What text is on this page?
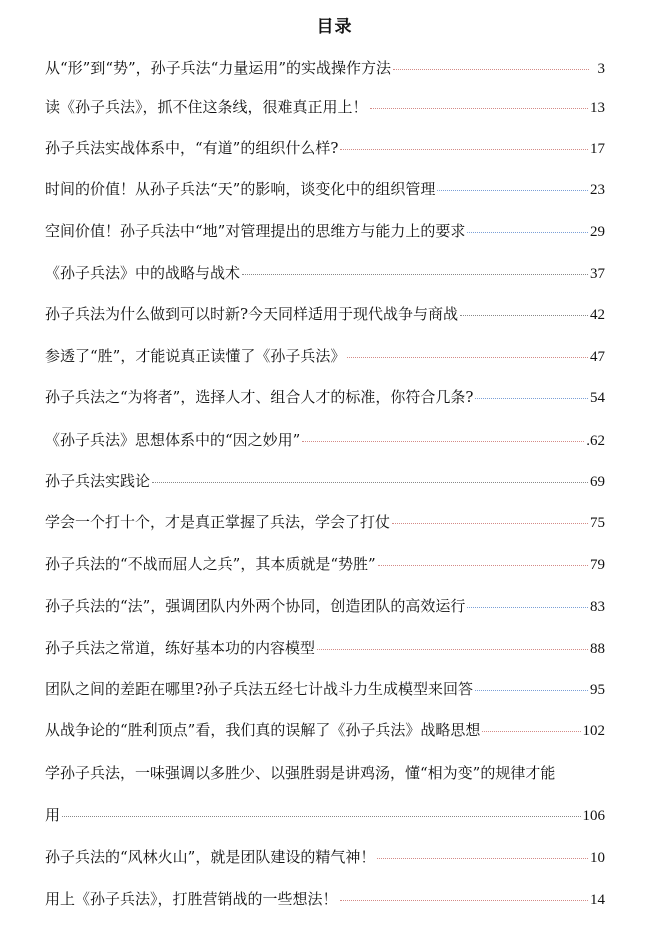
目录
从“形”到“势”，孙子兵法“力量运用”的实战操作方法	3
读《孙子兵法》，抓不住这条线，很难真正用上！	13
孙子兵法实战体系中，“有道”的组织什么样?	17
时间的价值！从孙子兵法“天”的影响，谈变化中的组织管理	23
空间价值！孙子兵法中“地”对管理提出的思维方与能力上的要求	29
《孙子兵法》中的战略与战术	37
孙子兵法为什么做到可以时新?今天同样适用于现代战争与商战	42
参透了“胜”，才能说真正读懂了《孙子兵法》	47
孙子兵法之“为将者”，选择人才、组合人才的标准，你符合几条?	54
《孙子兵法》思想体系中的“因之妙用”	.62
孙子兵法实践论	69
学会一个打十个，才是真正掌握了兵法，学会了打仗	75
孙子兵法的“不战而屈人之兵”，其本质就是“势胜”	79
孙子兵法的“法”，强调团队内外两个协同，创造团队的高效运行	83
孙子兵法之常道，练好基本功的内容模型	88
团队之间的差距在哪里?孙子兵法五经七计战斗力生成模型来回答	95
从战争论的“胜利顶点”看，我们真的误解了《孙子兵法》战略思想	102
学孙子兵法，一味强调以多胜少、以强胜弱是讲鸡汤，懂“相为变”的规律才能
用	106
孙子兵法的“风林火山”，就是团队建设的精气神！	10
用上《孙子兵法》，打胜营销战的一些想法！	14
